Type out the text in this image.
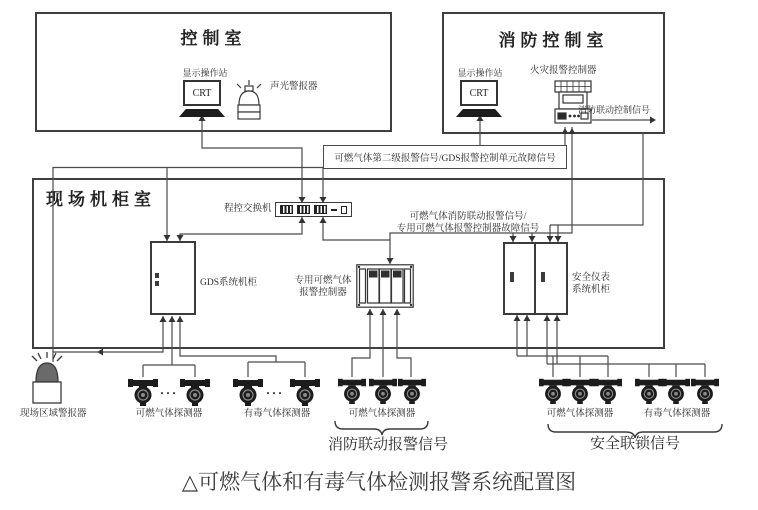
控制室	消防控制室
现场机柜室
显示操作站
CRT
声光警报器
显示操作站
CRT
火灾报警控制器
消防联动控制信号
可燃气体第二级报警信号/GDS报警控制单元故障信号
程控交换机
可燃气体消防联动报警信号/
专用可燃气体报警控制器故障信号
GDS系统机柜	专用可燃气体
报警控制器
安全仪表
系统机柜
现场区域警报器
···	···
可燃气体探测器	有毒气体探测器	可燃气体探测器	可燃气体探测器	有毒气体探测器
消防联动报警信号	安全联锁信号
△可燃气体和有毒气体检测报警系统配置图
